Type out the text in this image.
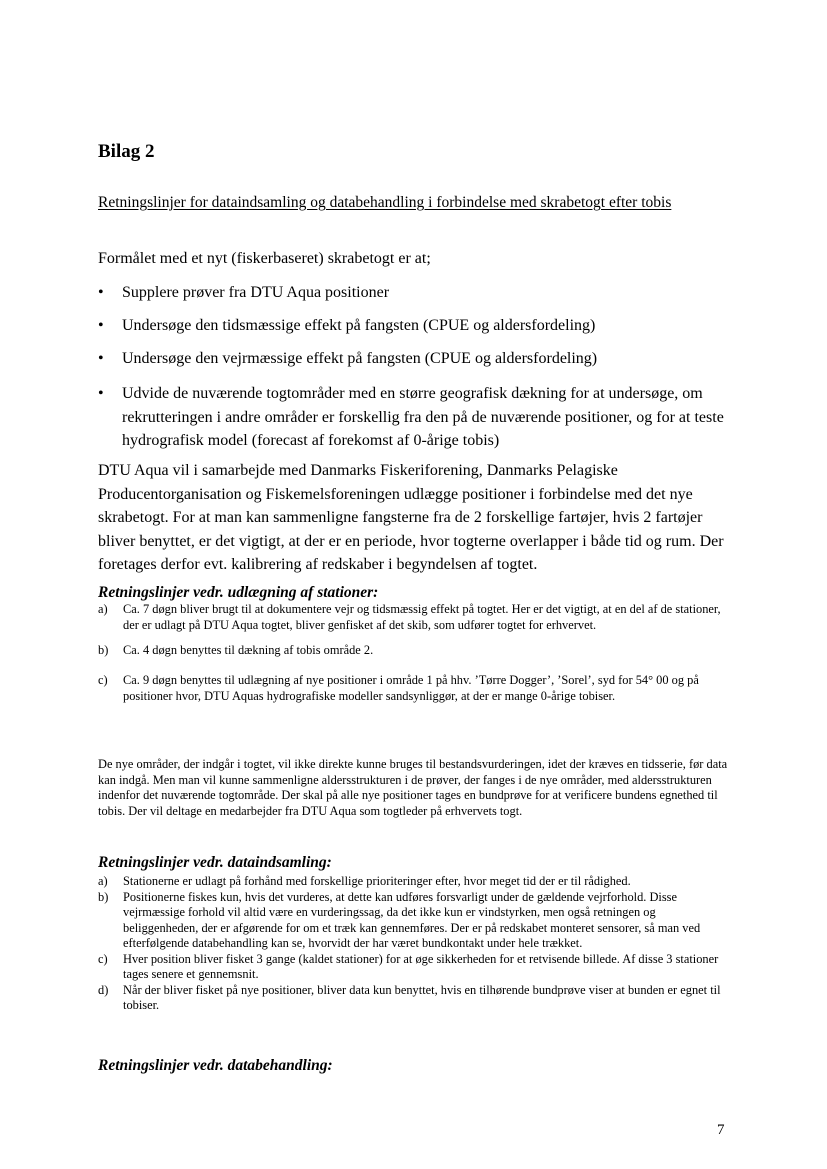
Bilag 2
Retningslinjer for dataindsamling og databehandling i forbindelse med skrabetogt efter tobis
Formålet med et nyt (fiskerbaseret) skrabetogt er at;
•	Supplere prøver fra DTU Aqua positioner
•	Undersøge den tidsmæssige effekt på fangsten (CPUE og aldersfordeling)
•	Undersøge den vejrmæssige effekt på fangsten (CPUE og aldersfordeling)
•	Udvide de nuværende togtområder med en større geografisk dækning for at undersøge, om rekrutteringen i andre områder er forskellig fra den på de nuværende positioner, og for at teste hydrografisk model (forecast af forekomst af 0-årige tobis)
DTU Aqua vil i samarbejde med Danmarks Fiskeriforening, Danmarks Pelagiske Producentorganisation og Fiskemelsforeningen udlægge positioner i forbindelse med det nye skrabetogt. For at man kan sammenligne fangsterne fra de 2 forskellige fartøjer, hvis 2 fartøjer bliver benyttet, er det vigtigt, at der er en periode, hvor togterne overlapper i både tid og rum. Der foretages derfor evt. kalibrering af redskaber i begyndelsen af togtet.
Retningslinjer vedr. udlægning af stationer:
a) Ca. 7 døgn bliver brugt til at dokumentere vejr og tidsmæssig effekt på togtet. Her er det vigtigt, at en del af de stationer, der er udlagt på DTU Aqua togtet, bliver genfisket af det skib, som udfører togtet for erhvervet.
b) Ca. 4 døgn benyttes til dækning af tobis område 2.
c) Ca. 9 døgn benyttes til udlægning af nye positioner i område 1 på hhv. ’Tørre Dogger’, ’Sorel’, syd for 54° 00 og på positioner hvor, DTU Aquas hydrografiske modeller sandsynliggør, at der er mange 0-årige tobiser.
De nye områder, der indgår i togtet, vil ikke direkte kunne bruges til bestandsvurderingen, idet der kræves en tidsserie, før data kan indgå. Men man vil kunne sammenligne aldersstrukturen i de prøver, der fanges i de nye områder, med aldersstrukturen indenfor det nuværende togtområde. Der skal på alle nye positioner tages en bundprøve for at verificere bundens egnethed til tobis. Der vil deltage en medarbejder fra DTU Aqua som togtleder på erhvervets togt.
Retningslinjer vedr. dataindsamling:
a) Stationerne er udlagt på forhånd med forskellige prioriteringer efter, hvor meget tid der er til rådighed.
b) Positionerne fiskes kun, hvis det vurderes, at dette kan udføres forsvarligt under de gældende vejrforhold. Disse vejrmæssige forhold vil altid være en vurderingssag, da det ikke kun er vindstyrken, men også retningen og beliggenheden, der er afgørende for om et træk kan gennemføres. Der er på redskabet monteret sensorer, så man ved efterfølgende databehandling kan se, hvorvidt der har været bundkontakt under hele trækket.
c) Hver position bliver fisket 3 gange (kaldet stationer) for at øge sikkerheden for et retvisende billede. Af disse 3 stationer tages senere et gennemsnit.
d) Når der bliver fisket på nye positioner, bliver data kun benyttet, hvis en tilhørende bundprøve viser at bunden er egnet til tobiser.
Retningslinjer vedr. databehandling:
7
